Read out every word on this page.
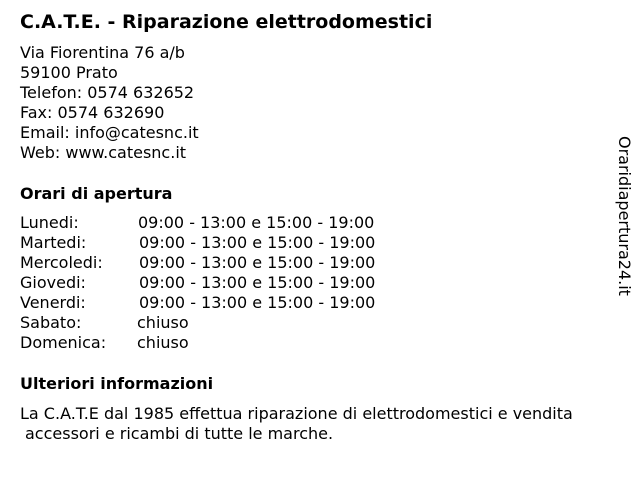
C.A.T.E. - Riparazione elettrodomestici
Via Fiorentina 76 a/b
59100 Prato
Telefon: 0574 632652
Fax: 0574 632690
Email: info@catesnc.it
Web: www.catesnc.it
Orari di apertura
Lunedi:	09:00 - 13:00 e 15:00 - 19:00
Martedi:	09:00 - 13:00 e 15:00 - 19:00
Mercoledi: 09:00 - 13:00 e 15:00 - 19:00
Giovedi:	09:00 - 13:00 e 15:00 - 19:00
Venerdi:	09:00 - 13:00 e 15:00 - 19:00
Sabato:	chiuso
Domenica: chiuso
Ulteriori informazioni
La C.A.T.E dal 1985 effettua riparazione di elettrodomestici e vendita
accessori e ricambi di tutte le marche.
Oraridiapertura24.it
